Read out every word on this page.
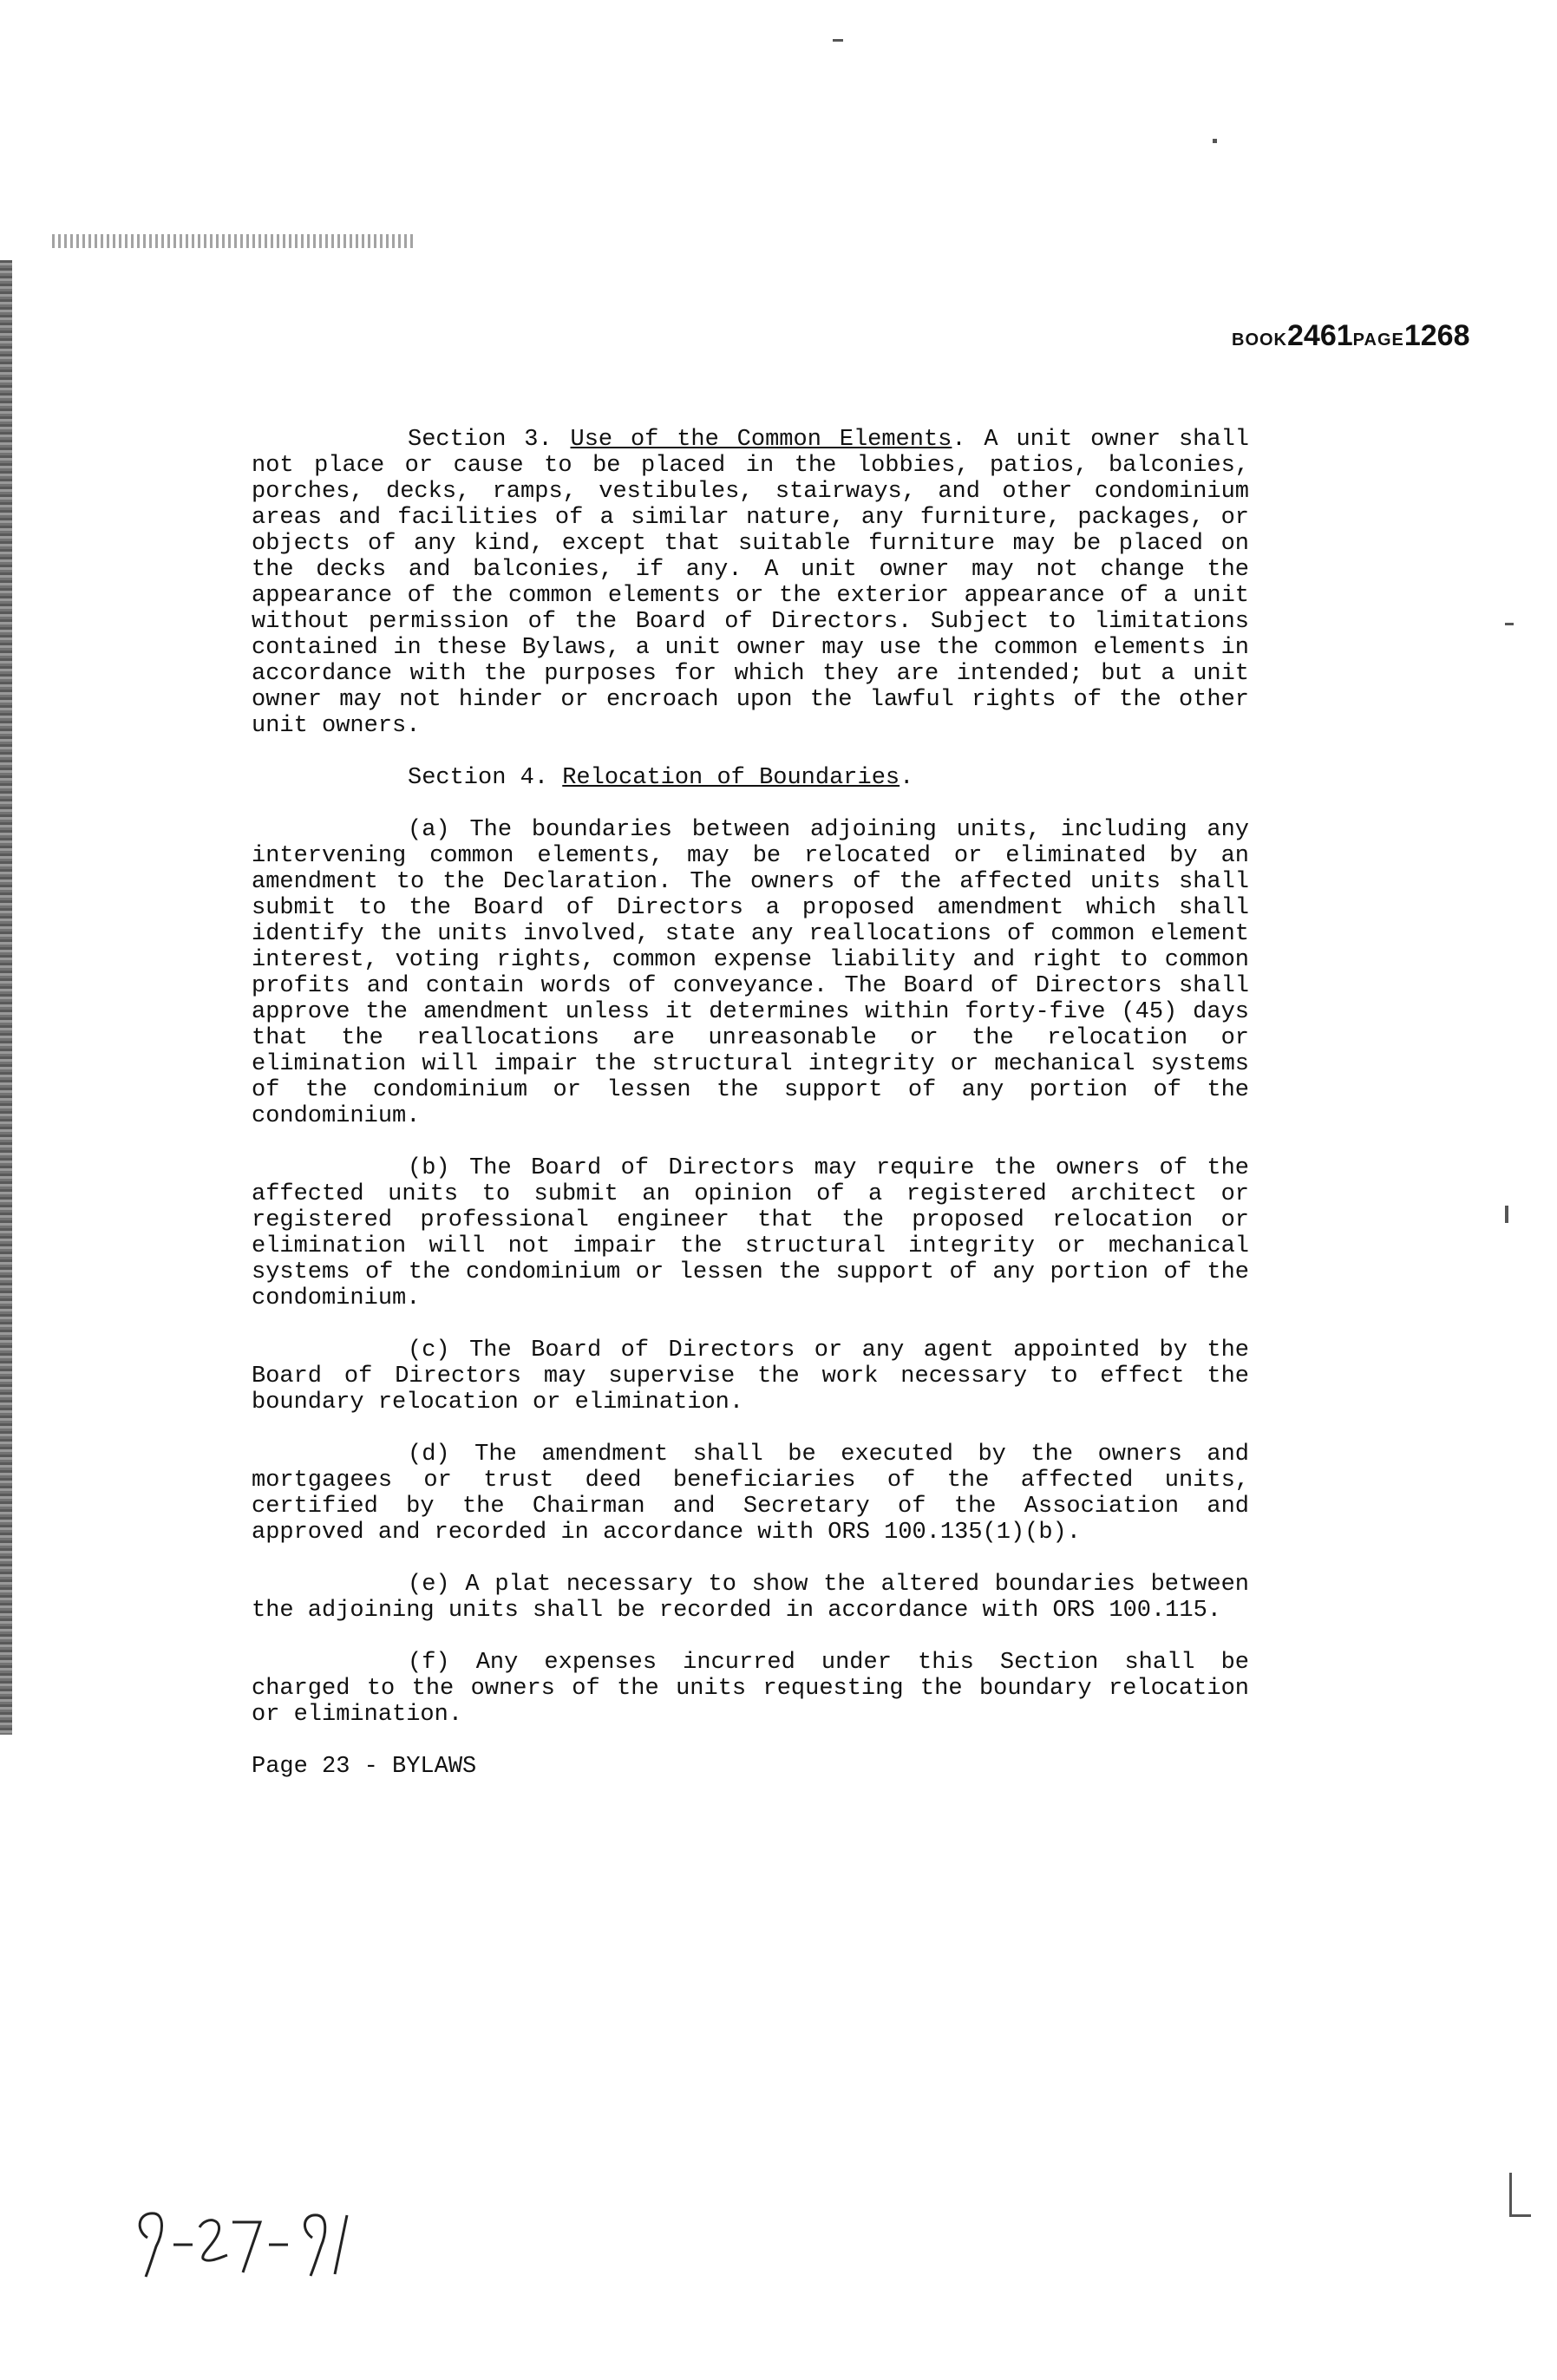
BOOK2461PAGE1268

Section 3. Use of the Common Elements. A unit owner shall not place or cause to be placed in the lobbies, patios, balconies, porches, decks, ramps, vestibules, stairways, and other condominium areas and facilities of a similar nature, any furniture, packages, or objects of any kind, except that suitable furniture may be placed on the decks and balconies, if any. A unit owner may not change the appearance of the common elements or the exterior appearance of a unit without permission of the Board of Directors. Subject to limitations contained in these Bylaws, a unit owner may use the common elements in accordance with the purposes for which they are intended; but a unit owner may not hinder or encroach upon the lawful rights of the other unit owners.

Section 4. Relocation of Boundaries.

(a) The boundaries between adjoining units, including any intervening common elements, may be relocated or eliminated by an amendment to the Declaration. The owners of the affected units shall submit to the Board of Directors a proposed amendment which shall identify the units involved, state any reallocations of common element interest, voting rights, common expense liability and right to common profits and contain words of conveyance. The Board of Directors shall approve the amendment unless it determines within forty-five (45) days that the reallocations are unreasonable or the relocation or elimination will impair the structural integrity or mechanical systems of the condominium or lessen the support of any portion of the condominium.

(b) The Board of Directors may require the owners of the affected units to submit an opinion of a registered architect or registered professional engineer that the proposed relocation or elimination will not impair the structural integrity or mechanical systems of the condominium or lessen the support of any portion of the condominium.

(c) The Board of Directors or any agent appointed by the Board of Directors may supervise the work necessary to effect the boundary relocation or elimination.

(d) The amendment shall be executed by the owners and mortgagees or trust deed beneficiaries of the affected units, certified by the Chairman and Secretary of the Association and approved and recorded in accordance with ORS 100.135(1)(b).

(e) A plat necessary to show the altered boundaries between the adjoining units shall be recorded in accordance with ORS 100.115.

(f) Any expenses incurred under this Section shall be charged to the owners of the units requesting the boundary relocation or elimination.

Page 23 - BYLAWS
